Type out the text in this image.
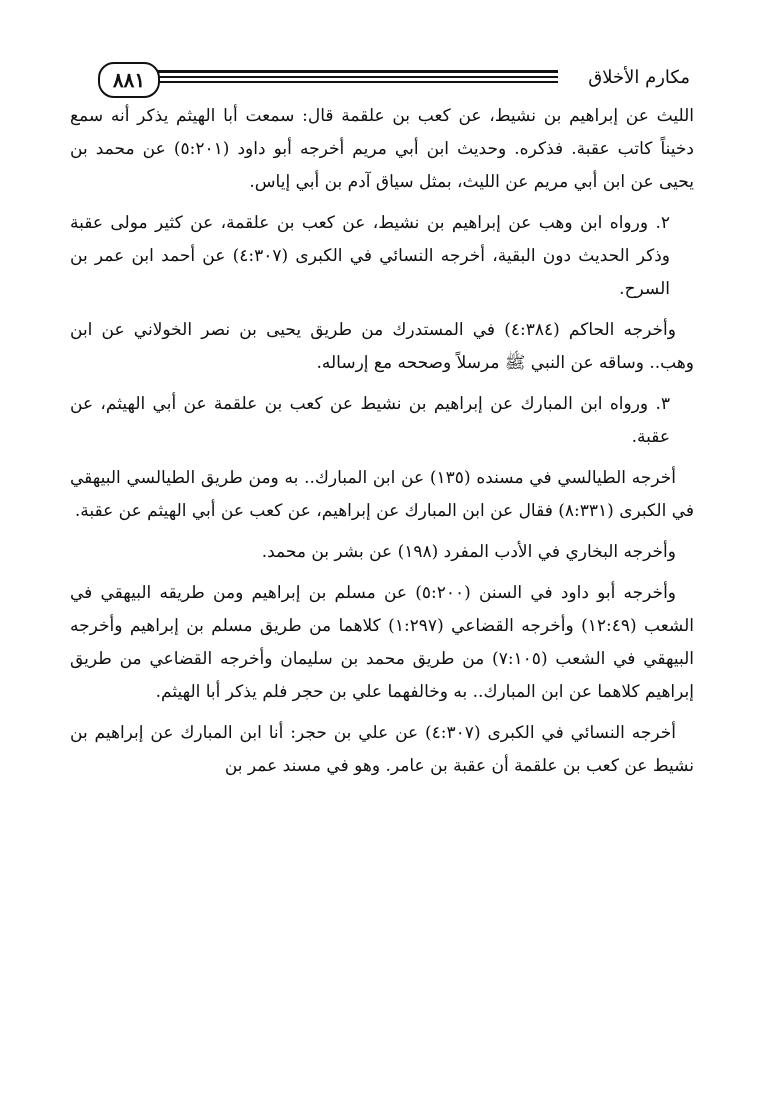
٨٨١	مكارم الأخلاق

الليث عن إبراهيم بن نشيط، عن كعب بن علقمة قال: سمعت أبا الهيثم يذكر أنه سمع دخيناً كاتب عقبة. فذكره. وحديث ابن أبي مريم أخرجه أبو داود (٥:٢٠١) عن محمد بن يحيى عن ابن أبي مريم عن الليث، بمثل سياق آدم بن أبي إياس.

٢. ورواه ابن وهب عن إبراهيم بن نشيط، عن كعب بن علقمة، عن كثير مولى عقبة وذكر الحديث دون البقية، أخرجه النسائي في الكبرى (٤:٣٠٧) عن أحمد ابن عمر بن السرح.

وأخرجه الحاكم (٤:٣٨٤) في المستدرك من طريق يحيى بن نصر الخولاني عن ابن وهب.. وساقه عن النبي ﷺ مرسلاً وصححه مع إرساله.

٣. ورواه ابن المبارك عن إبراهيم بن نشيط عن كعب بن علقمة عن أبي الهيثم، عن عقبة.

أخرجه الطيالسي في مسنده (١٣٥) عن ابن المبارك.. به ومن طريق الطيالسي البيهقي في الكبرى (٨:٣٣١) فقال عن ابن المبارك عن إبراهيم، عن كعب عن أبي الهيثم عن عقبة.

وأخرجه البخاري في الأدب المفرد (١٩٨) عن بشر بن محمد.

وأخرجه أبو داود في السنن (٥:٢٠٠) عن مسلم بن إبراهيم ومن طريقه البيهقي في الشعب (١٢:٤٩) وأخرجه القضاعي (١:٢٩٧) كلاهما من طريق مسلم بن إبراهيم وأخرجه البيهقي في الشعب (٧:١٠٥) من طريق محمد بن سليمان وأخرجه القضاعي من طريق إبراهيم كلاهما عن ابن المبارك.. به وخالفهما علي بن حجر فلم يذكر أبا الهيثم.

أخرجه النسائي في الكبرى (٤:٣٠٧) عن علي بن حجر: أنا ابن المبارك عن إبراهيم بن نشيط عن كعب بن علقمة أن عقبة بن عامر. وهو في مسند عمر بن
